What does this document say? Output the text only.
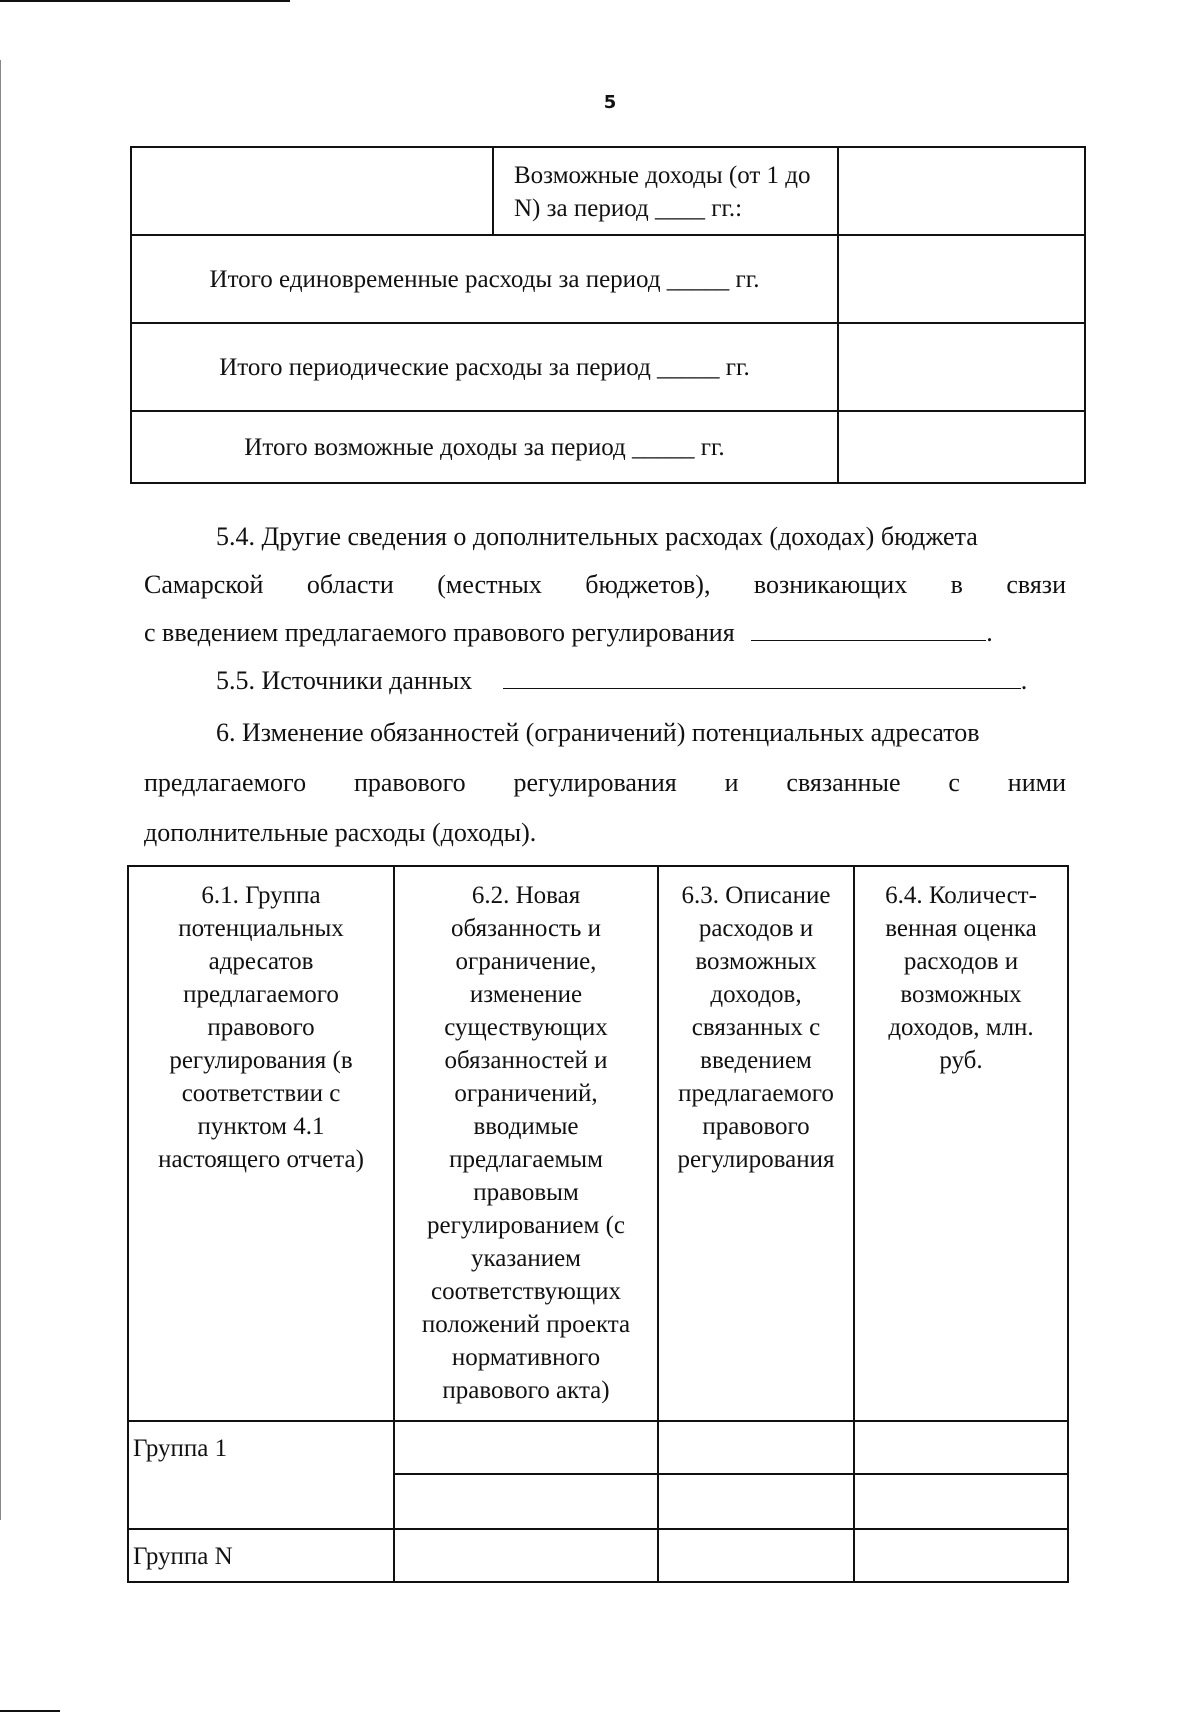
5
	Возможные доходы (от 1 до N) за период ____ гг.:	
Итого единовременные расходы за период _____ гг.		
Итого периодические расходы за период _____ гг.		
Итого возможные доходы за период _____ гг.		
5.4. Другие сведения о дополнительных расходах (доходах) бюджета
Самарской области (местных бюджетов), возникающих в связи
с введением предлагаемого правового регулирования	.
5.5. Источники данных	.
6. Изменение обязанностей (ограничений) потенциальных адресатов
предлагаемого правового регулирования и связанные с ними
дополнительные расходы (доходы).
6.1. Группа потенциальных адресатов предлагаемого правового регулирования (в соответствии с пунктом 4.1 настоящего отчета)	6.2. Новая обязанность и ограничение, изменение существующих обязанностей и ограничений, вводимые предлагаемым правовым регулированием (с указанием соответствующих положений проекта нормативного правового акта)	6.3. Описание расходов и возможных доходов, связанных с введением предлагаемого правового регулирования	6.4. Количест-венная оценка расходов и возможных доходов, млн. руб.
Группа 1			

Группа N			
